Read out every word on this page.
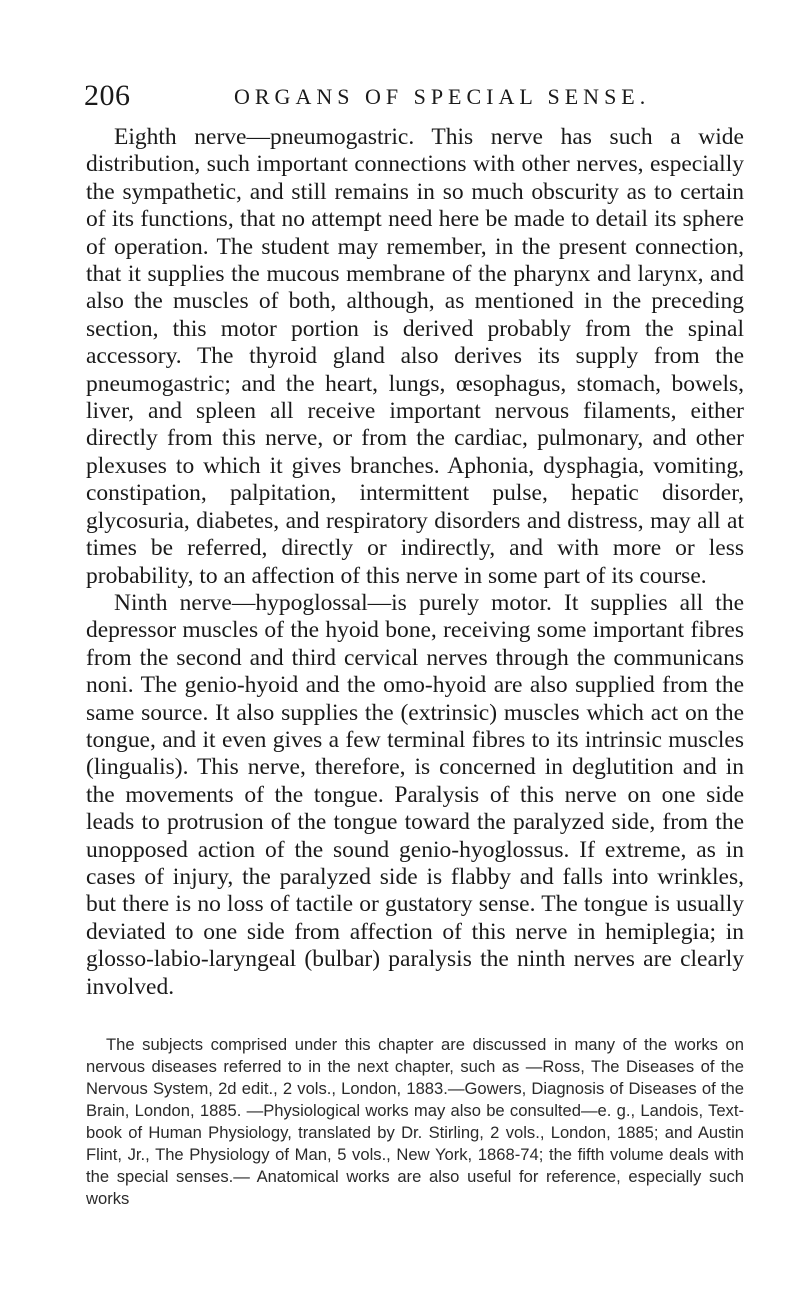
206	ORGANS OF SPECIAL SENSE.

Eighth nerve—pneumogastric. This nerve has such a wide distribution, such important connections with other nerves, especially the sympathetic, and still remains in so much obscurity as to certain of its functions, that no attempt need here be made to detail its sphere of operation. The student may remember, in the present connection, that it supplies the mucous membrane of the pharynx and larynx, and also the muscles of both, although, as mentioned in the preceding section, this motor portion is derived probably from the spinal accessory. The thyroid gland also derives its supply from the pneumogastric; and the heart, lungs, œsophagus, stomach, bowels, liver, and spleen all receive important nervous filaments, either directly from this nerve, or from the cardiac, pulmonary, and other plexuses to which it gives branches. Aphonia, dysphagia, vomiting, constipation, palpitation, intermittent pulse, hepatic disorder, glycosuria, diabetes, and respiratory disorders and distress, may all at times be referred, directly or indirectly, and with more or less probability, to an affection of this nerve in some part of its course.

Ninth nerve—hypoglossal—is purely motor. It supplies all the depressor muscles of the hyoid bone, receiving some important fibres from the second and third cervical nerves through the communicans noni. The genio-hyoid and the omo-hyoid are also supplied from the same source. It also supplies the (extrinsic) muscles which act on the tongue, and it even gives a few terminal fibres to its intrinsic muscles (lingualis). This nerve, therefore, is concerned in deglutition and in the movements of the tongue. Paralysis of this nerve on one side leads to protrusion of the tongue toward the paralyzed side, from the unopposed action of the sound genio-hyoglossus. If extreme, as in cases of injury, the paralyzed side is flabby and falls into wrinkles, but there is no loss of tactile or gustatory sense. The tongue is usually deviated to one side from affection of this nerve in hemiplegia; in glosso-labio-laryngeal (bulbar) paralysis the ninth nerves are clearly involved.

The subjects comprised under this chapter are discussed in many of the works on nervous diseases referred to in the next chapter, such as —Ross, The Diseases of the Nervous System, 2d edit., 2 vols., London, 1883.—Gowers, Diagnosis of Diseases of the Brain, London, 1885. —Physiological works may also be consulted—e. g., Landois, Text-book of Human Physiology, translated by Dr. Stirling, 2 vols., London, 1885; and Austin Flint, Jr., The Physiology of Man, 5 vols., New York, 1868-74; the fifth volume deals with the special senses.— Anatomical works are also useful for reference, especially such works
